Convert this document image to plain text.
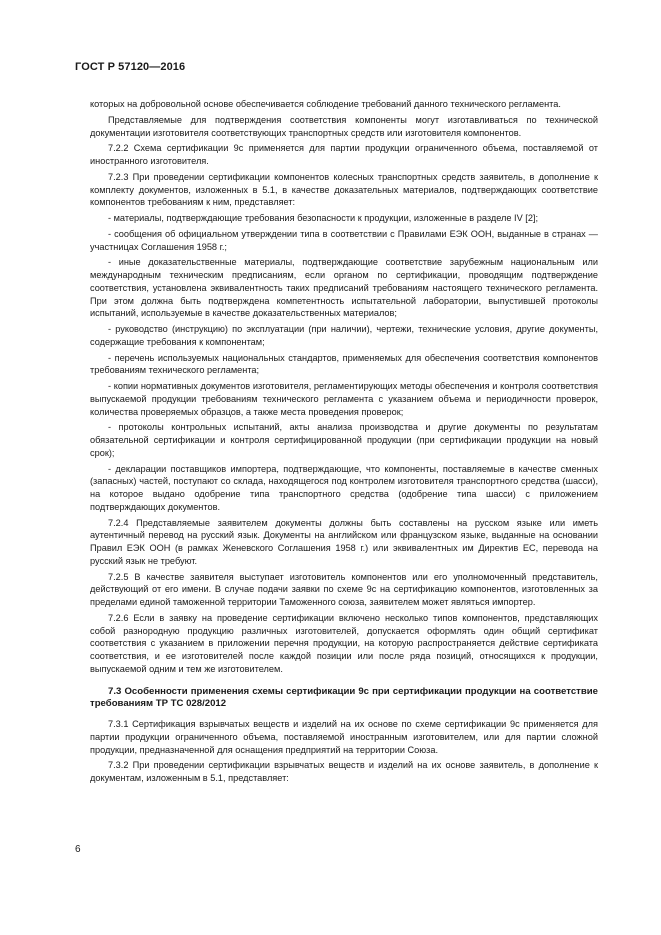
ГОСТ Р 57120—2016

которых на добровольной основе обеспечивается соблюдение требований данного технического регламента.

Представляемые для подтверждения соответствия компоненты могут изготавливаться по технической документации изготовителя соответствующих транспортных средств или изготовителя компонентов.

7.2.2 Схема сертификации 9с применяется для партии продукции ограниченного объема, поставляемой от иностранного изготовителя.

7.2.3 При проведении сертификации компонентов колесных транспортных средств заявитель, в дополнение к комплекту документов, изложенных в 5.1, в качестве доказательных материалов, подтверждающих соответствие компонентов требованиям к ним, представляет:

- материалы, подтверждающие требования безопасности к продукции, изложенные в разделе IV [2];

- сообщения об официальном утверждении типа в соответствии с Правилами ЕЭК ООН, выданные в странах — участницах Соглашения 1958 г.;

- иные доказательственные материалы, подтверждающие соответствие зарубежным национальным или международным техническим предписаниям, если органом по сертификации, проводящим подтверждение соответствия, установлена эквивалентность таких предписаний требованиям настоящего технического регламента. При этом должна быть подтверждена компетентность испытательной лаборатории, выпустившей протоколы испытаний, используемые в качестве доказательственных материалов;

- руководство (инструкцию) по эксплуатации (при наличии), чертежи, технические условия, другие документы, содержащие требования к компонентам;

- перечень используемых национальных стандартов, применяемых для обеспечения соответствия компонентов требованиям технического регламента;

- копии нормативных документов изготовителя, регламентирующих методы обеспечения и контроля соответствия выпускаемой продукции требованиям технического регламента с указанием объема и периодичности проверок, количества проверяемых образцов, а также места проведения проверок;

- протоколы контрольных испытаний, акты анализа производства и другие документы по результатам обязательной сертификации и контроля сертифицированной продукции (при сертификации продукции на новый срок);

- декларации поставщиков импортера, подтверждающие, что компоненты, поставляемые в качестве сменных (запасных) частей, поступают со склада, находящегося под контролем изготовителя транспортного средства (шасси), на которое выдано одобрение типа транспортного средства (одобрение типа шасси) с приложением подтверждающих документов.

7.2.4 Представляемые заявителем документы должны быть составлены на русском языке или иметь аутентичный перевод на русский язык. Документы на английском или французском языке, выданные на основании Правил ЕЭК ООН (в рамках Женевского Соглашения 1958 г.) или эквивалентных им Директив ЕС, перевода на русский язык не требуют.

7.2.5 В качестве заявителя выступает изготовитель компонентов или его уполномоченный представитель, действующий от его имени. В случае подачи заявки по схеме 9с на сертификацию компонентов, изготовленных за пределами единой таможенной территории Таможенного союза, заявителем может являться импортер.

7.2.6 Если в заявку на проведение сертификации включено несколько типов компонентов, представляющих собой разнородную продукцию различных изготовителей, допускается оформлять один общий сертификат соответствия с указанием в приложении перечня продукции, на которую распространяется действие сертификата соответствия, и ее изготовителей после каждой позиции или после ряда позиций, относящихся к продукции, выпускаемой одним и тем же изготовителем.

7.3 Особенности применения схемы сертификации 9с при сертификации продукции на соответствие требованиям ТР ТС 028/2012

7.3.1 Сертификация взрывчатых веществ и изделий на их основе по схеме сертификации 9с применяется для партии продукции ограниченного объема, поставляемой иностранным изготовителем, или для партии сложной продукции, предназначенной для оснащения предприятий на территории Союза.

7.3.2 При проведении сертификации взрывчатых веществ и изделий на их основе заявитель, в дополнение к документам, изложенным в 5.1, представляет:

6
